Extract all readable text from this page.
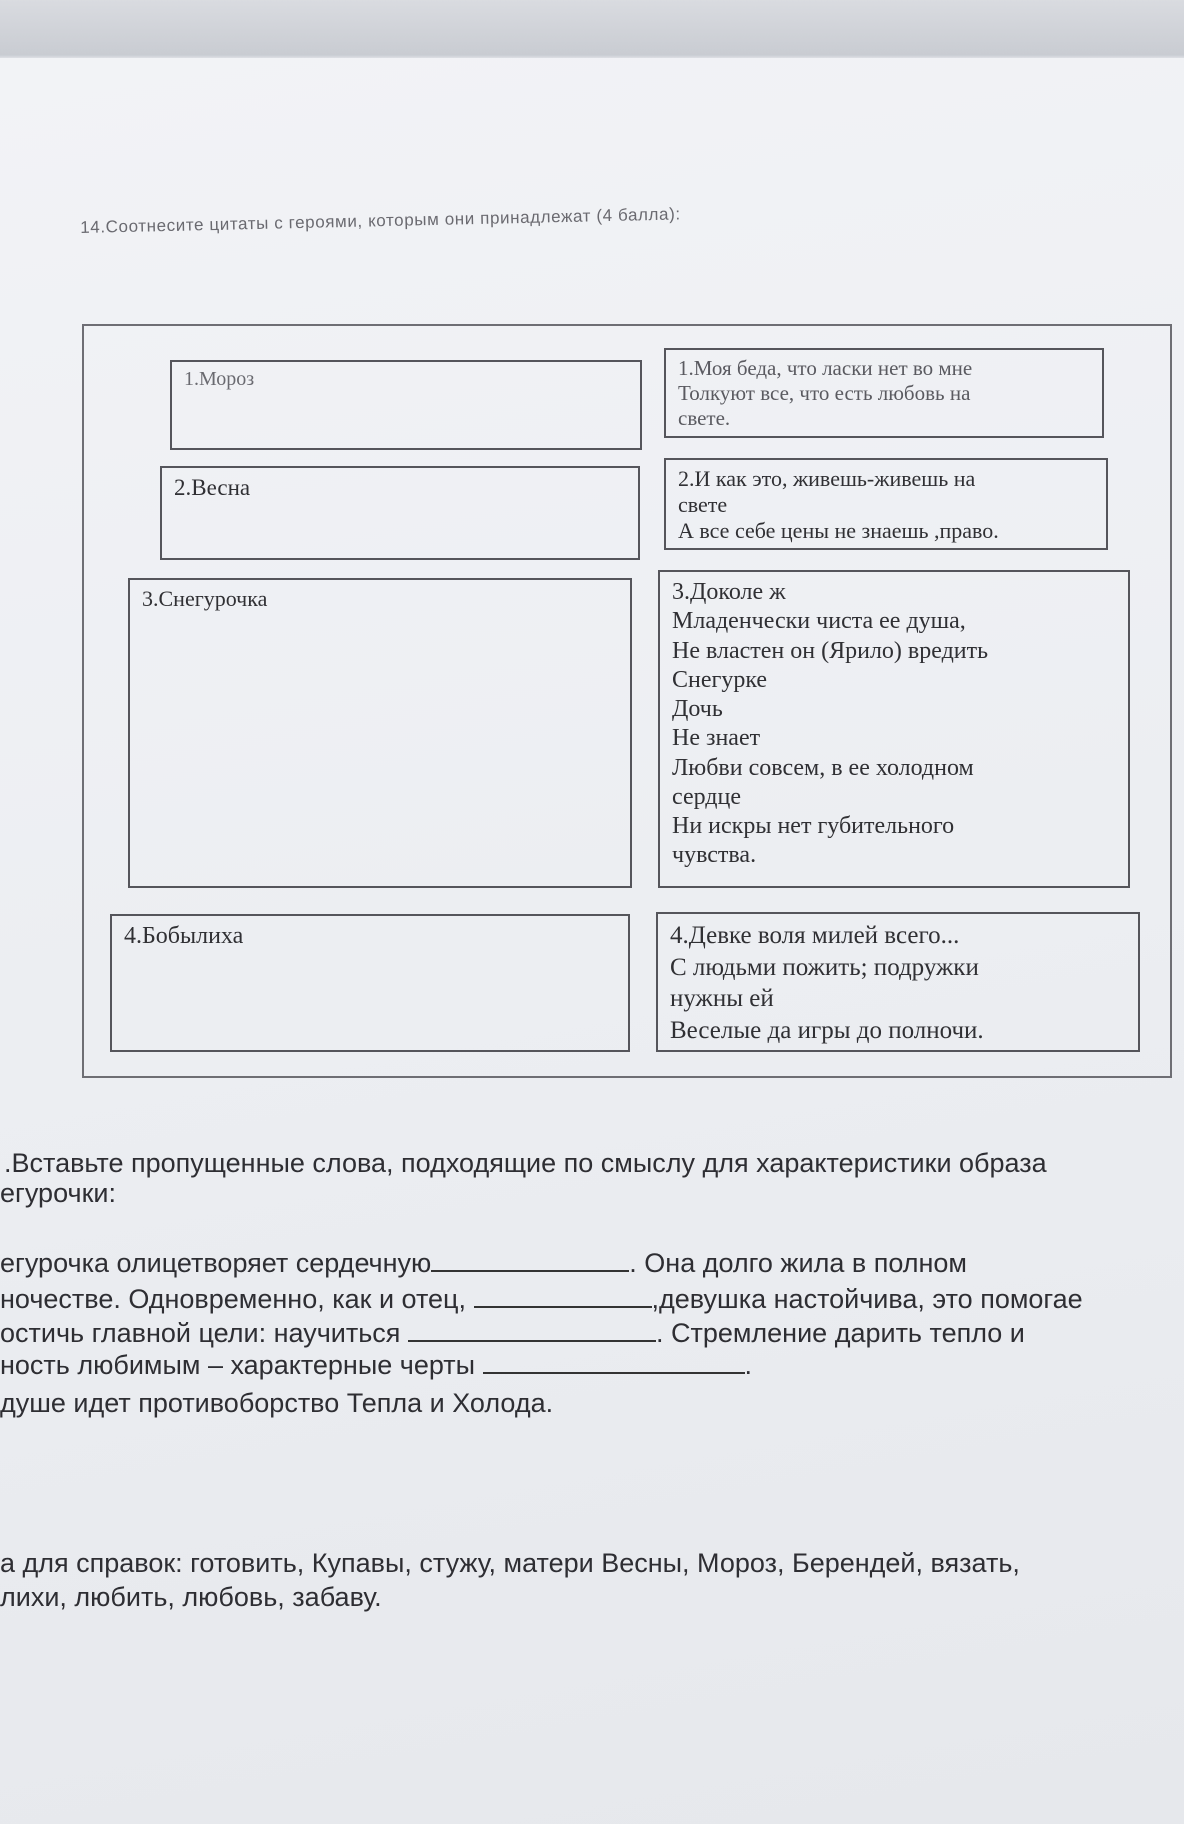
14.Соотнесите цитаты с героями, которым они принадлежат (4 балла):
1.Мороз	1.Моя беда, что ласки нет во мне
Толкуют все, что есть любовь на
свете.
2.Весна	2.И как это, живешь-живешь на
свете
А все себе цены не знаешь ,право.
3.Снегурочка	3.Доколе ж
Младенчески чиста ее душа,
Не властен он (Ярило) вредить
Снегурке
Дочь
Не знает
Любви совсем, в ее холодном
сердце
Ни искры нет губительного
чувства.
4.Бобылиха	4.Девке воля милей всего...
С людьми пожить; подружки
нужны ей
Веселые да игры до полночи.
.Вставьте пропущенные слова, подходящие по смыслу для характеристики образа
егурочки:
егурочка олицетворяет сердечную	. Она долго жила в полном
ночестве. Одновременно, как и отец,	,девушка настойчива, это помогае
остичь главной цели: научиться	. Стремление дарить тепло и
ность любимым – характерные черты	.
душе идет противоборство Тепла и Холода.
а для справок: готовить, Купавы, стужу, матери Весны, Мороз, Берендей, вязать,
лихи, любить, любовь, забаву.
